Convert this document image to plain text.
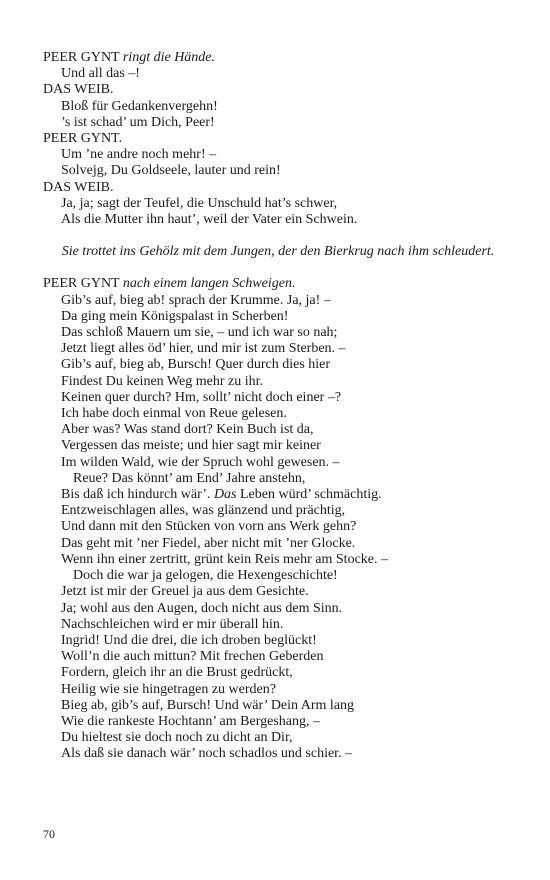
PEER GYNT ringt die Hände.
Und all das –!
DAS WEIB.
Bloß für Gedankenvergehn!
’s ist schad’ um Dich, Peer!
PEER GYNT.
Um ’ne andre noch mehr! –
Solvejg, Du Goldseele, lauter und rein!
DAS WEIB.
Ja, ja; sagt der Teufel, die Unschuld hat’s schwer,
Als die Mutter ihn haut’, weil der Vater ein Schwein.
Sie trottet ins Gehölz mit dem Jungen, der den Bierkrug nach ihm schleudert.
PEER GYNT nach einem langen Schweigen.
Gib’s auf, bieg ab! sprach der Krumme. Ja, ja! –
Da ging mein Königspalast in Scherben!
Das schloß Mauern um sie, – und ich war so nah;
Jetzt liegt alles öd’ hier, und mir ist zum Sterben. –
Gib’s auf, bieg ab, Bursch! Quer durch dies hier
Findest Du keinen Weg mehr zu ihr.
Keinen quer durch? Hm, sollt’ nicht doch einer –?
Ich habe doch einmal von Reue gelesen.
Aber was? Was stand dort? Kein Buch ist da,
Vergessen das meiste; und hier sagt mir keiner
Im wilden Wald, wie der Spruch wohl gewesen. –
Reue? Das könnt’ am End’ Jahre anstehn,
Bis daß ich hindurch wär’. Das Leben würd’ schmächtig.
Entzweischlagen alles, was glänzend und prächtig,
Und dann mit den Stücken von vorn ans Werk gehn?
Das geht mit ’ner Fiedel, aber nicht mit ’ner Glocke.
Wenn ihn einer zertritt, grünt kein Reis mehr am Stocke. –
Doch die war ja gelogen, die Hexengeschichte!
Jetzt ist mir der Greuel ja aus dem Gesichte.
Ja; wohl aus den Augen, doch nicht aus dem Sinn.
Nachschleichen wird er mir überall hin.
Ingrid! Und die drei, die ich droben beglückt!
Woll’n die auch mittun? Mit frechen Geberden
Fordern, gleich ihr an die Brust gedrückt,
Heilig wie sie hingetragen zu werden?
Bieg ab, gib’s auf, Bursch! Und wär’ Dein Arm lang
Wie die rankeste Hochtann’ am Bergeshang, –
Du hieltest sie doch noch zu dicht an Dir,
Als daß sie danach wär’ noch schadlos und schier. –
70
